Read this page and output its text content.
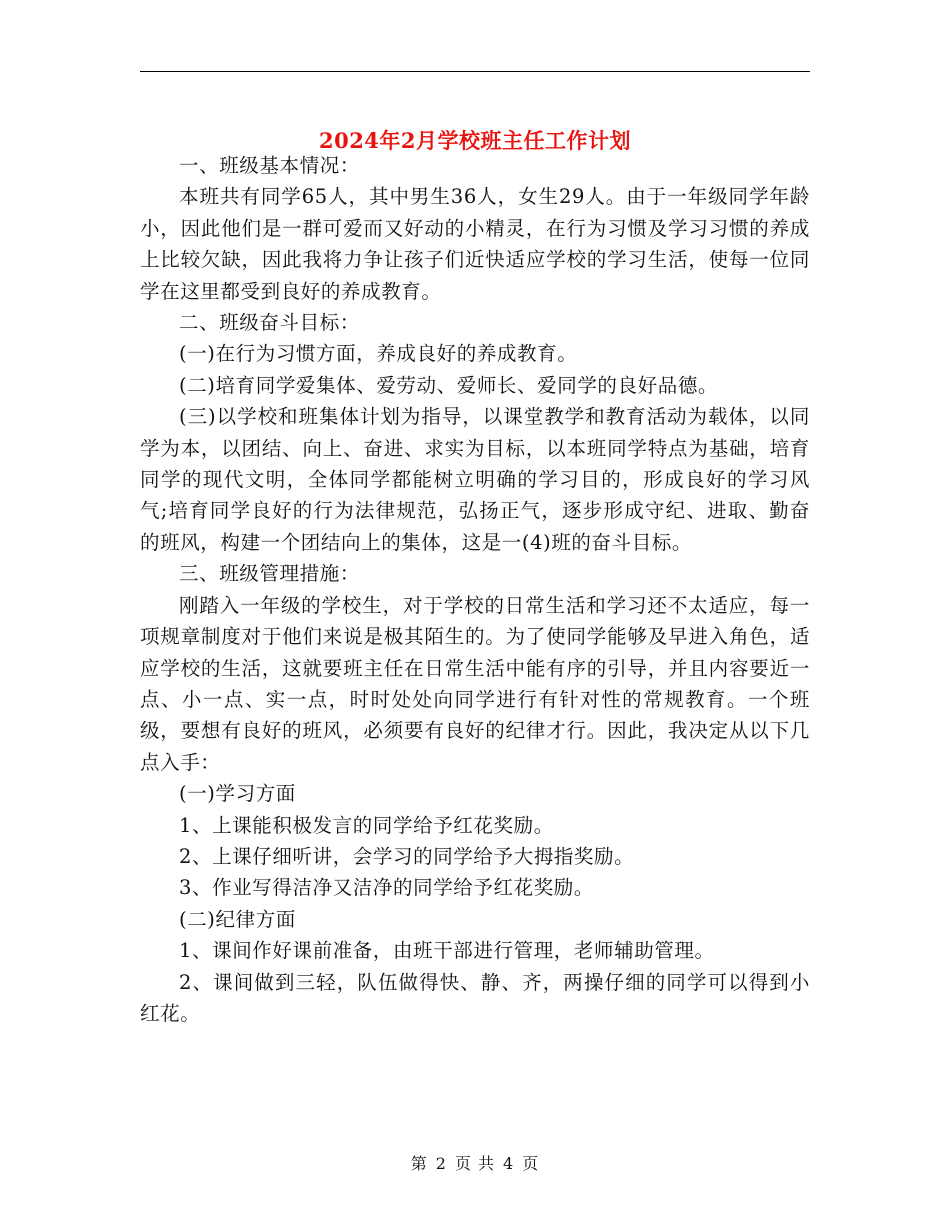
2024年2月学校班主任工作计划

一、班级基本情况：

本班共有同学65人，其中男生36人，女生29人。由于一年级同学年龄小，因此他们是一群可爱而又好动的小精灵，在行为习惯及学习习惯的养成上比较欠缺，因此我将力争让孩子们近快适应学校的学习生活，使每一位同学在这里都受到良好的养成教育。

二、班级奋斗目标：

(一)在行为习惯方面，养成良好的养成教育。

(二)培育同学爱集体、爱劳动、爱师长、爱同学的良好品德。

(三)以学校和班集体计划为指导，以课堂教学和教育活动为载体，以同学为本，以团结、向上、奋进、求实为目标，以本班同学特点为基础，培育同学的现代文明，全体同学都能树立明确的学习目的，形成良好的学习风气;培育同学良好的行为法律规范，弘扬正气，逐步形成守纪、进取、勤奋的班风，构建一个团结向上的集体，这是一(4)班的奋斗目标。

三、班级管理措施：

刚踏入一年级的学校生，对于学校的日常生活和学习还不太适应，每一项规章制度对于他们来说是极其陌生的。为了使同学能够及早进入角色，适应学校的生活，这就要班主任在日常生活中能有序的引导，并且内容要近一点、小一点、实一点，时时处处向同学进行有针对性的常规教育。一个班级，要想有良好的班风，必须要有良好的纪律才行。因此，我决定从以下几点入手：

(一)学习方面

1、上课能积极发言的同学给予红花奖励。

2、上课仔细听讲，会学习的同学给予大拇指奖励。

3、作业写得洁净又洁净的同学给予红花奖励。

(二)纪律方面

1、课间作好课前准备，由班干部进行管理，老师辅助管理。

2、课间做到三轻，队伍做得快、静、齐，两操仔细的同学可以得到小红花。

第 2 页 共 4 页
